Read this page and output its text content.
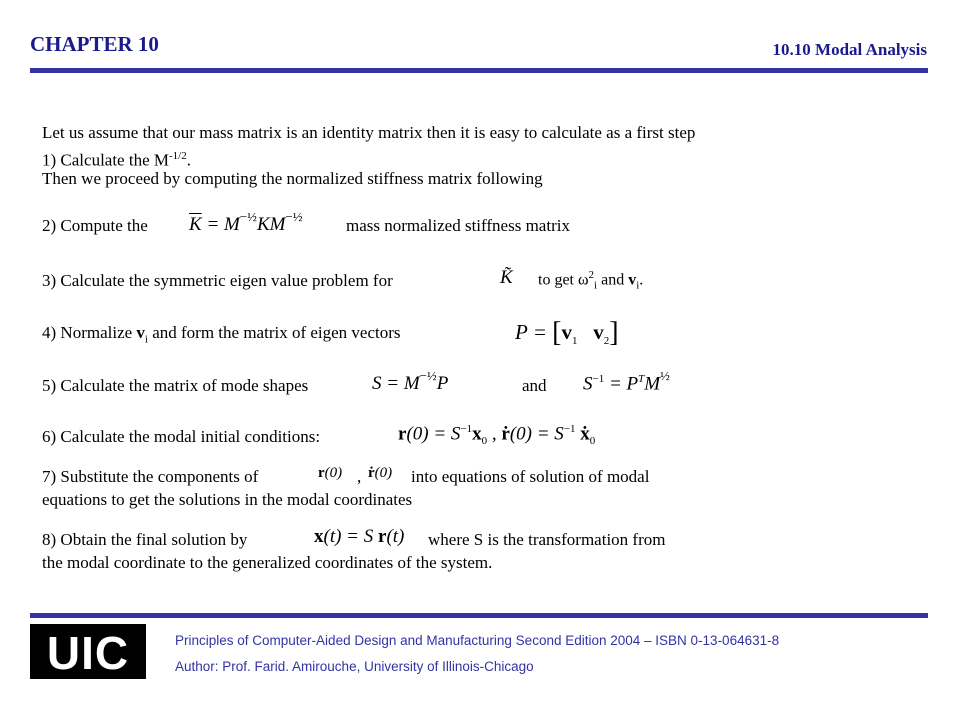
CHAPTER 10	10.10 Modal Analysis
Let us assume that our mass matrix is an identity matrix then it is easy to calculate as a first step
1) Calculate the $M^{-1/2}$.
Then we proceed by computing the normalized stiffness matrix following
2) Compute the $\overline{K} = M^{-\frac{1}{2}}KM^{-\frac{1}{2}}$	mass normalized stiffness matrix
3) Calculate the symmetric eigen value problem for	K̃ to get $\omega^2_i$ and $v_i$.
4) Normalize $v_i$ and form the matrix of eigen vectors	$P = [v_1$ $v_2$]
5) Calculate the matrix of mode shapes	$S = M^{-\frac{1}{2}}P$	and $S^{-1} = P^TM^{\frac{1}{2}}$
6) Calculate the modal initial conditions:	$r(0) = S^{-1}x_0$ , ṙ(0) = $S^{-1}$ ẋ$_0$
7) Substitute the components of	r(0) , ṙ(0) into equations of solution of modal
equations to get the solutions in the modal coordinates
8) Obtain the final solution by	x(t) = S r(t) where S is the transformation from
the modal coordinate to the generalized coordinates of the system.
UIC	Principles of Computer-Aided Design and Manufacturing Second Edition 2004 – ISBN 0-13-064631-8
Author: Prof. Farid. Amirouche, University of Illinois-Chicago
